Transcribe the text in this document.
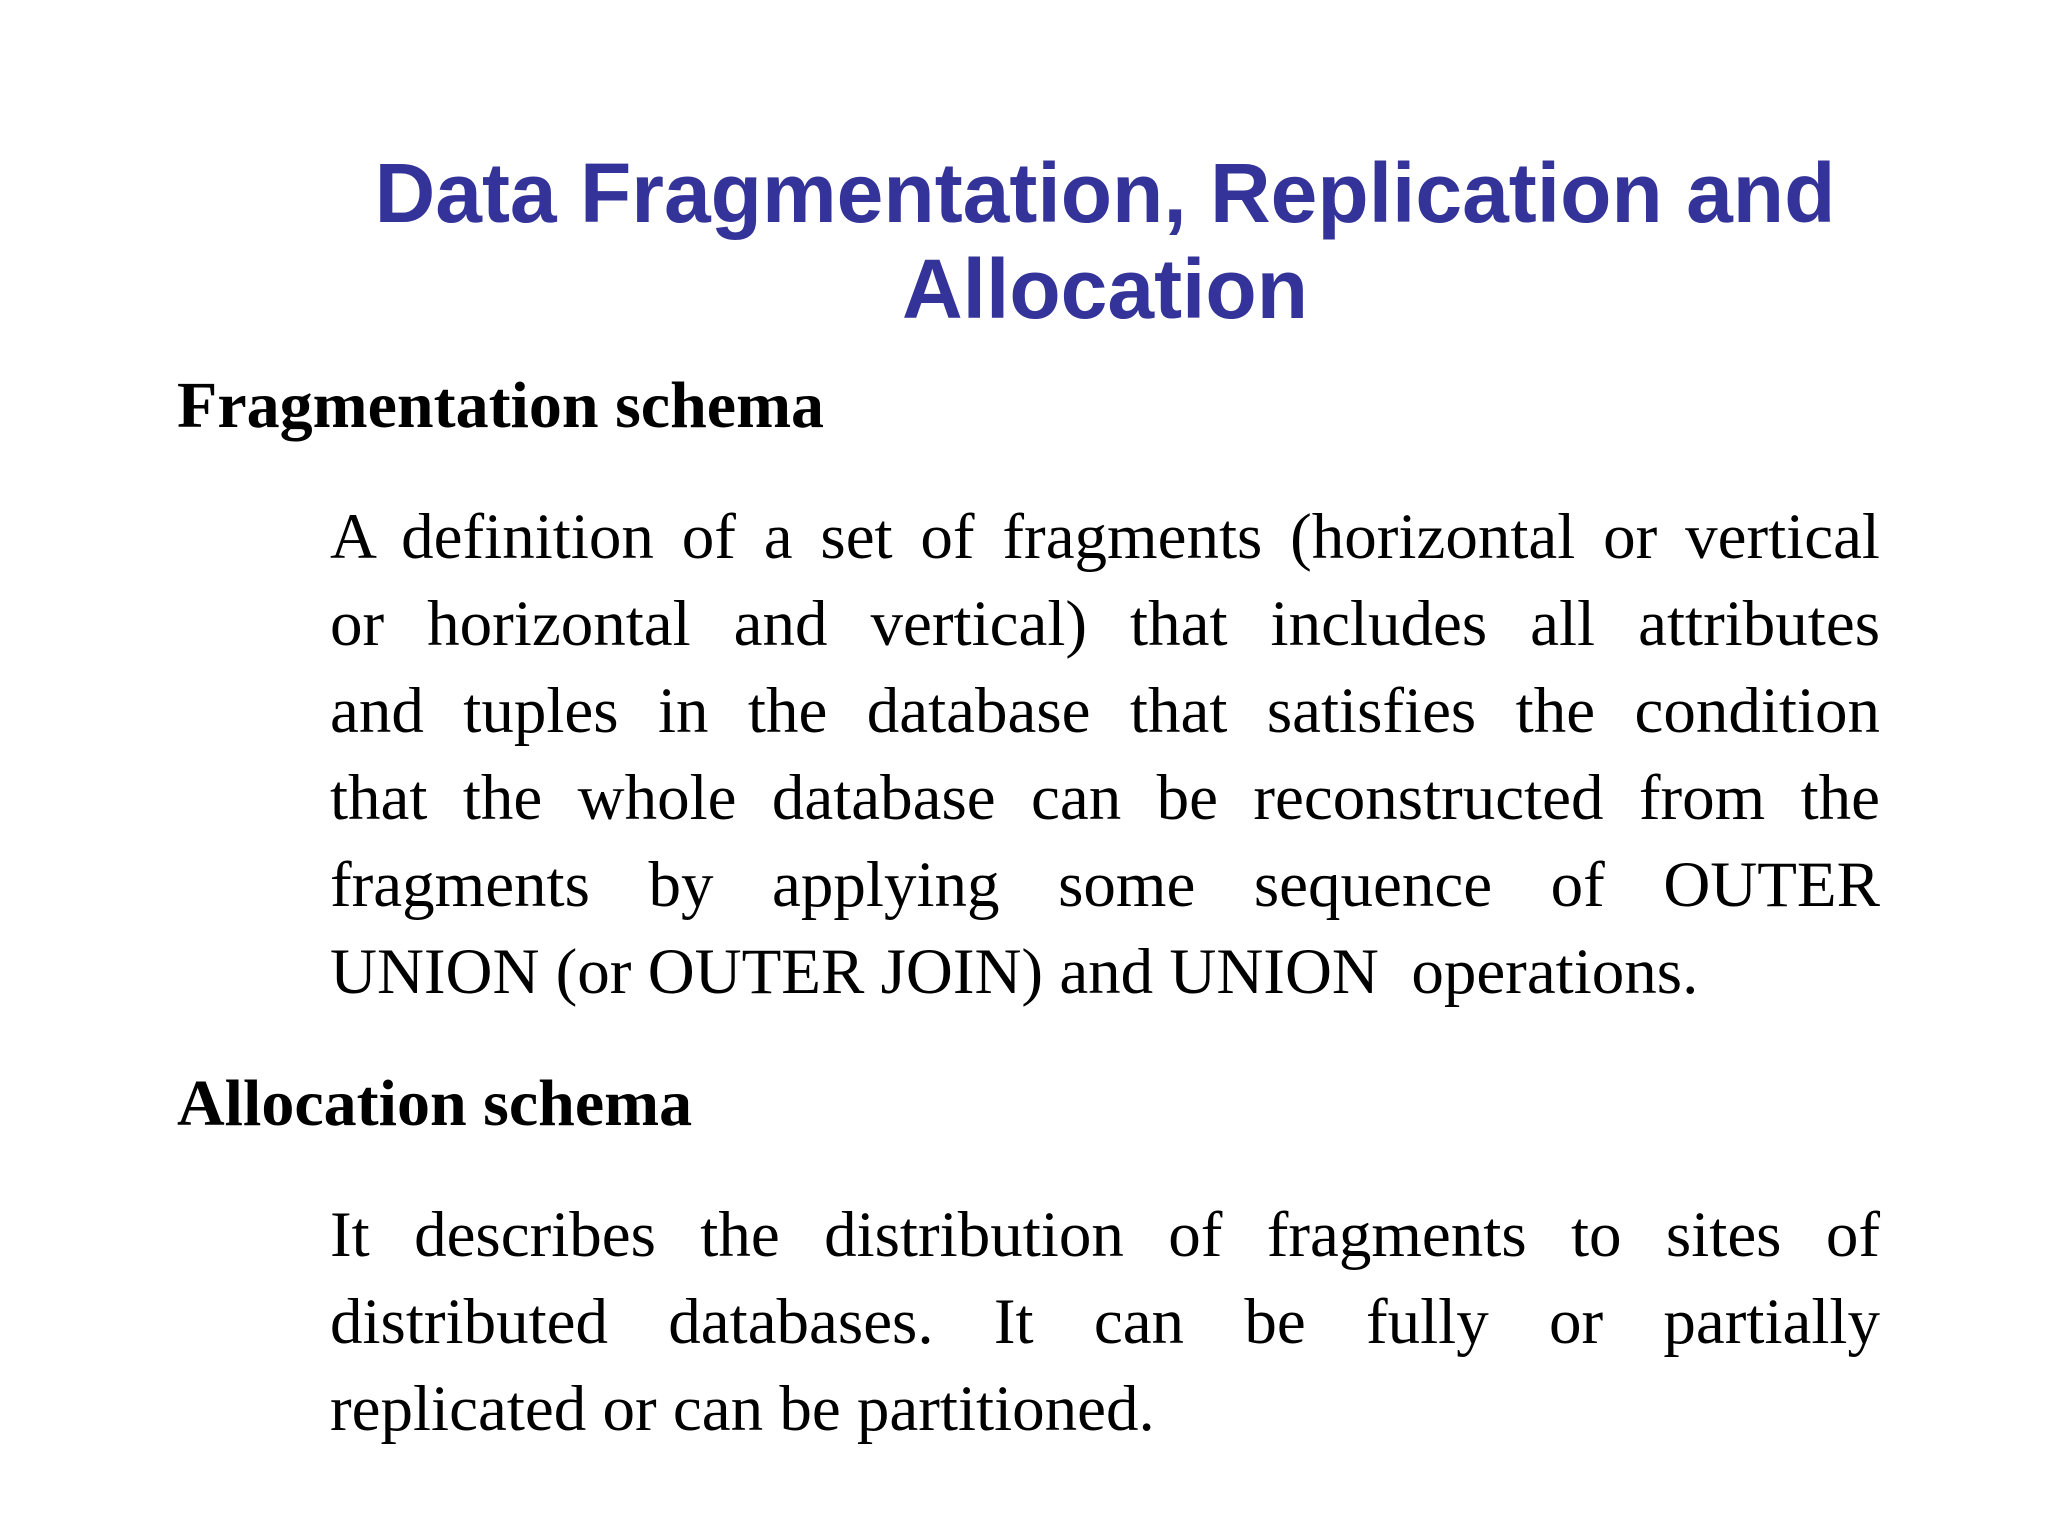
Data Fragmentation, Replication and
Allocation
Fragmentation schema
A definition of a set of fragments (horizontal or vertical
or horizontal and vertical) that includes all attributes
and tuples in the database that satisfies the condition
that the whole database can be reconstructed from the
fragments by applying some sequence of OUTER
UNION (or OUTER JOIN) and UNION  operations.
Allocation schema
It describes the distribution of fragments to sites of
distributed databases. It can be fully or partially
replicated or can be partitioned.
